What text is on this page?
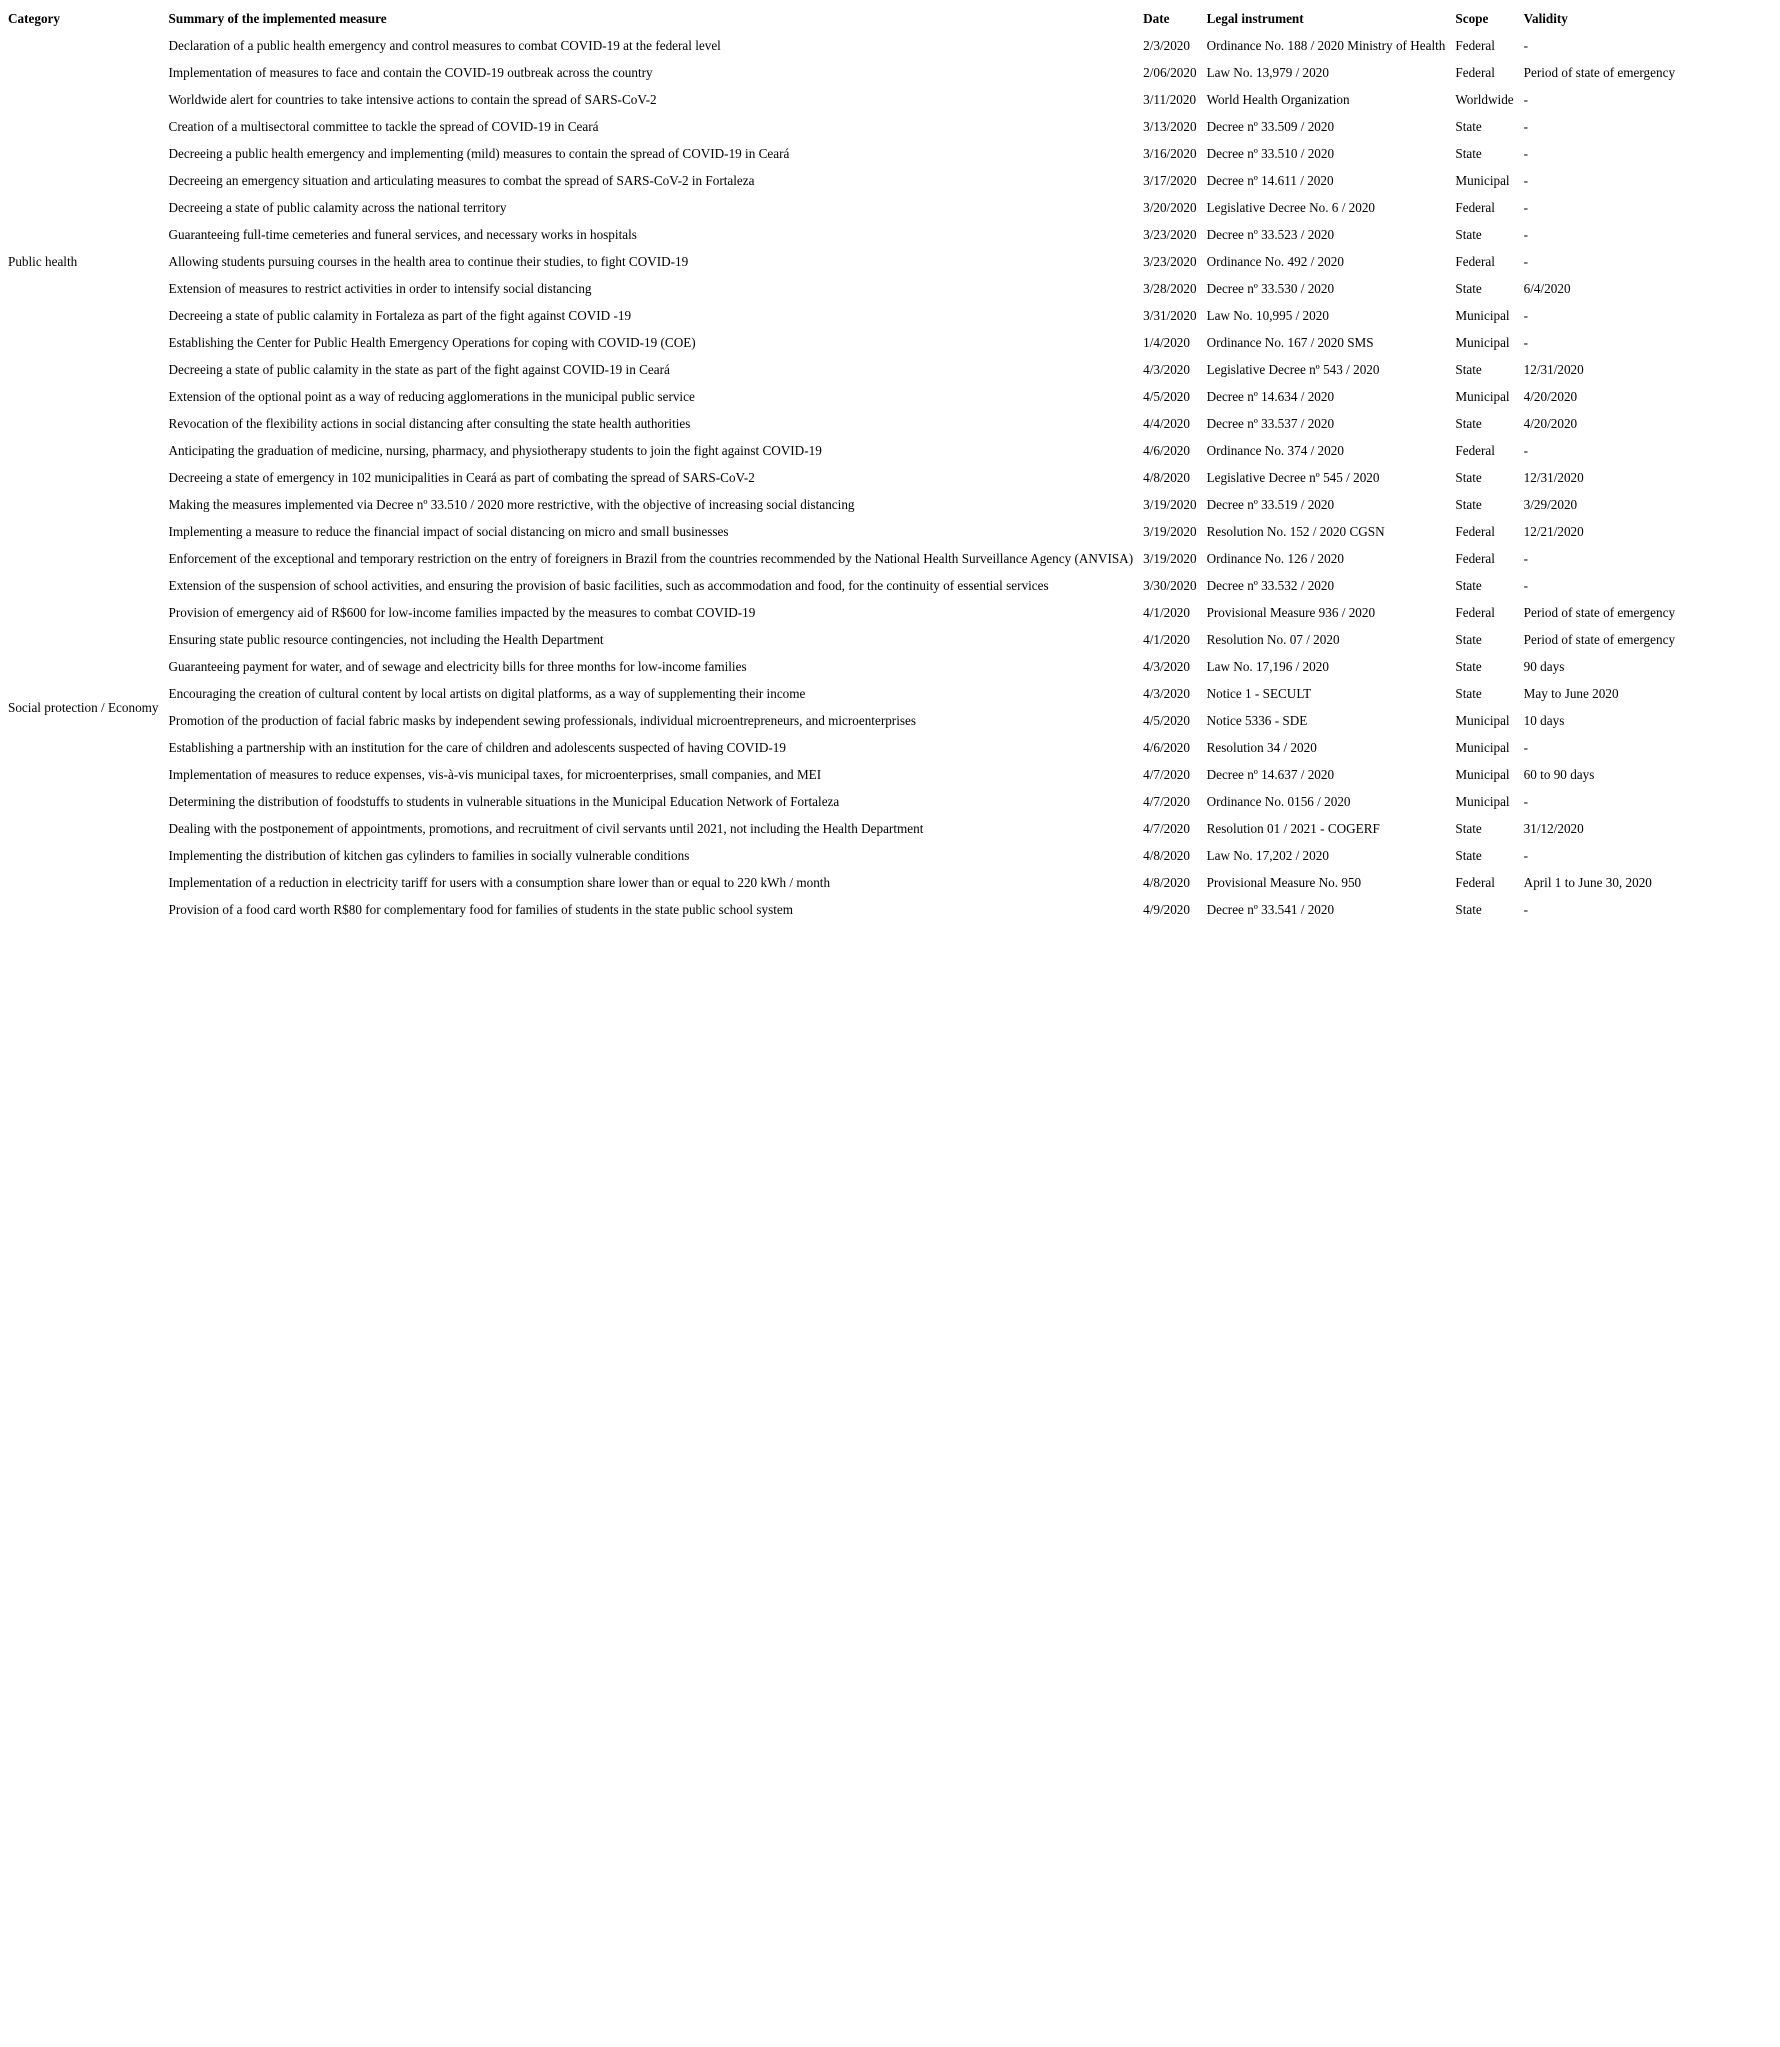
Category	Summary of the implemented measure	Date	Legal instrument	Scope	Validity
Public health	Declaration of a public health emergency and control measures to combat COVID-19 at the federal level	2/3/2020	Ordinance No. 188 / 2020 Ministry of Health	Federal	-
	Implementation of measures to face and contain the COVID-19 outbreak across the country	2/06/2020	Law No. 13,979 / 2020	Federal	Period of state of emergency
	Worldwide alert for countries to take intensive actions to contain the spread of SARS-CoV-2	3/11/2020	World Health Organization	Worldwide	-
	Creation of a multisectoral committee to tackle the spread of COVID-19 in Ceará	3/13/2020	Decree nº 33.509 / 2020	State	-
	Decreeing a public health emergency and implementing (mild) measures to contain the spread of COVID-19 in Ceará	3/16/2020	Decree nº 33.510 / 2020	State	-
	Decreeing an emergency situation and articulating measures to combat the spread of SARS-CoV-2 in Fortaleza	3/17/2020	Decree nº 14.611 / 2020	Municipal	-
	Decreeing a state of public calamity across the national territory	3/20/2020	Legislative Decree No. 6 / 2020	Federal	-
	Guaranteeing full-time cemeteries and funeral services, and necessary works in hospitals	3/23/2020	Decree nº 33.523 / 2020	State	-
	Allowing students pursuing courses in the health area to continue their studies, to fight COVID-19	3/23/2020	Ordinance No. 492 / 2020	Federal	-
	Extension of measures to restrict activities in order to intensify social distancing	3/28/2020	Decree nº 33.530 / 2020	State	6/4/2020
	Decreeing a state of public calamity in Fortaleza as part of the fight against COVID -19	3/31/2020	Law No. 10,995 / 2020	Municipal	-
	Establishing the Center for Public Health Emergency Operations for coping with COVID-19 (COE)	1/4/2020	Ordinance No. 167 / 2020 SMS	Municipal	-
	Decreeing a state of public calamity in the state as part of the fight against COVID-19 in Ceará	4/3/2020	Legislative Decree nº 543 / 2020	State	12/31/2020
	Extension of the optional point as a way of reducing agglomerations in the municipal public service	4/5/2020	Decree nº 14.634 / 2020	Municipal	4/20/2020
	Revocation of the flexibility actions in social distancing after consulting the state health authorities	4/4/2020	Decree nº 33.537 / 2020	State	4/20/2020
	Anticipating the graduation of medicine, nursing, pharmacy, and physiotherapy students to join the fight against COVID-19	4/6/2020	Ordinance No. 374 / 2020	Federal	-
	Decreeing a state of emergency in 102 municipalities in Ceará as part of combating the spread of SARS-CoV-2	4/8/2020	Legislative Decree nº 545 / 2020	State	12/31/2020
Social protection / Economy	Making the measures implemented via Decree nº 33.510 / 2020 more restrictive, with the objective of increasing social distancing	3/19/2020	Decree nº 33.519 / 2020	State	3/29/2020
	Implementing a measure to reduce the financial impact of social distancing on micro and small businesses	3/19/2020	Resolution No. 152 / 2020 CGSN	Federal	12/21/2020
	Enforcement of the exceptional and temporary restriction on the entry of foreigners in Brazil from the countries recommended by the National Health Surveillance Agency (ANVISA)	3/19/2020	Ordinance No. 126 / 2020	Federal	-
	Extension of the suspension of school activities, and ensuring the provision of basic facilities, such as accommodation and food, for the continuity of essential services	3/30/2020	Decree nº 33.532 / 2020	State	-
	Provision of emergency aid of R$600 for low-income families impacted by the measures to combat COVID-19	4/1/2020	Provisional Measure 936 / 2020	Federal	Period of state of emergency
	Ensuring state public resource contingencies, not including the Health Department	4/1/2020	Resolution No. 07 / 2020	State	Period of state of emergency
	Guaranteeing payment for water, and of sewage and electricity bills for three months for low-income families	4/3/2020	Law No. 17,196 / 2020	State	90 days
	Encouraging the creation of cultural content by local artists on digital platforms, as a way of supplementing their income	4/3/2020	Notice 1 - SECULT	State	May to June 2020
	Promotion of the production of facial fabric masks by independent sewing professionals, individual microentrepreneurs, and microenterprises	4/5/2020	Notice 5336 - SDE	Municipal	10 days
	Establishing a partnership with an institution for the care of children and adolescents suspected of having COVID-19	4/6/2020	Resolution 34 / 2020	Municipal	-
	Implementation of measures to reduce expenses, vis-à-vis municipal taxes, for microenterprises, small companies, and MEI	4/7/2020	Decree nº 14.637 / 2020	Municipal	60 to 90 days
	Determining the distribution of foodstuffs to students in vulnerable situations in the Municipal Education Network of Fortaleza	4/7/2020	Ordinance No. 0156 / 2020	Municipal	-
	Dealing with the postponement of appointments, promotions, and recruitment of civil servants until 2021, not including the Health Department	4/7/2020	Resolution 01 / 2021 - COGERF	State	31/12/2020
	Implementing the distribution of kitchen gas cylinders to families in socially vulnerable conditions	4/8/2020	Law No. 17,202 / 2020	State	-
	Implementation of a reduction in electricity tariff for users with a consumption share lower than or equal to 220 kWh / month	4/8/2020	Provisional Measure No. 950	Federal	April 1 to June 30, 2020
	Provision of a food card worth R$80 for complementary food for families of students in the state public school system	4/9/2020	Decree nº 33.541 / 2020	State	-
